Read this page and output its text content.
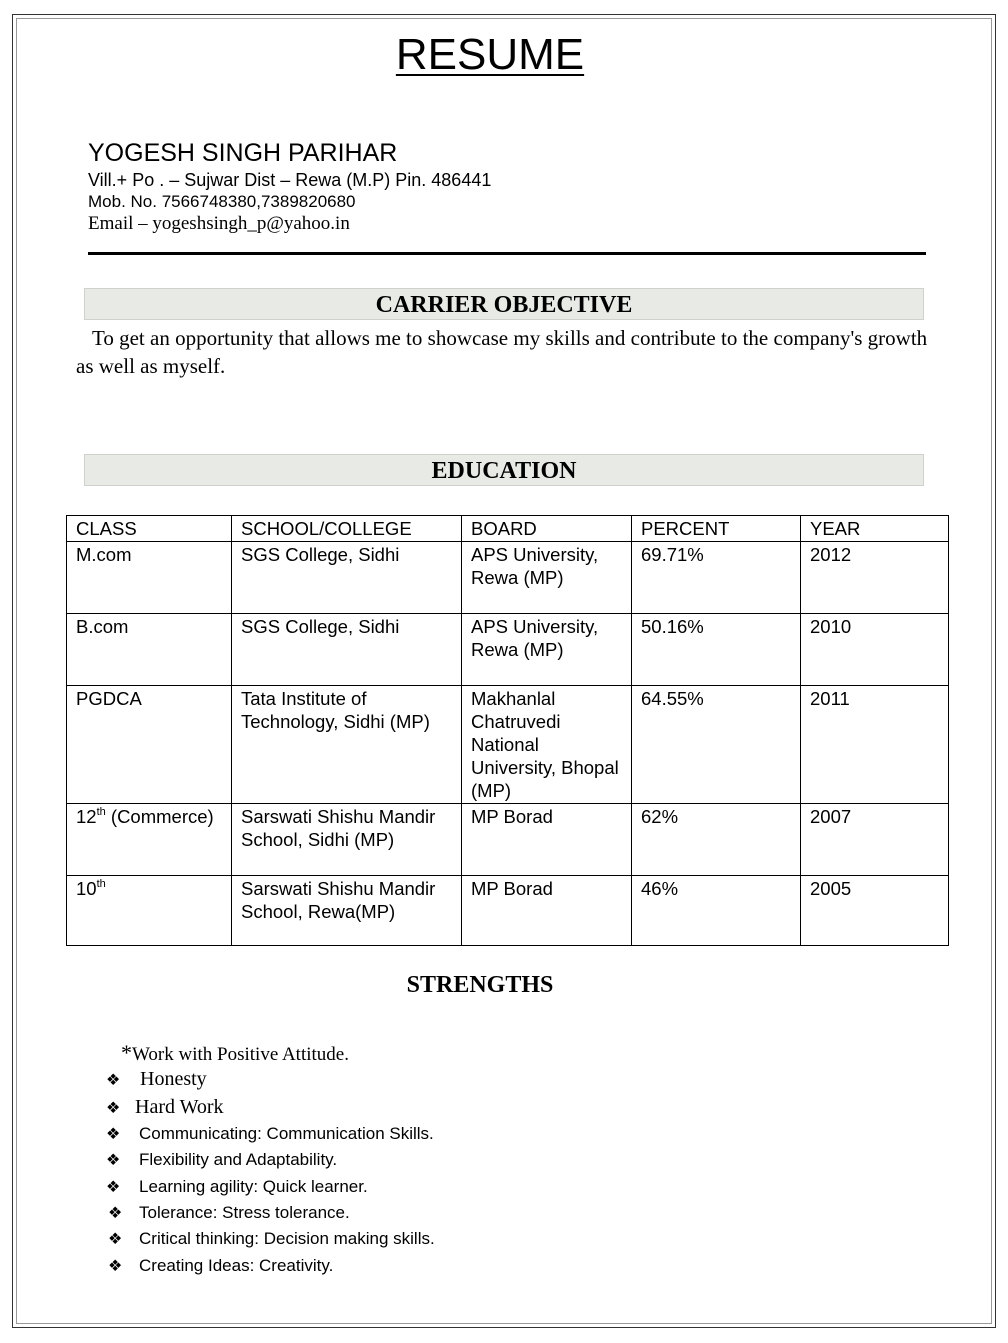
RESUME
YOGESH SINGH PARIHAR
Vill.+ Po . – Sujwar Dist – Rewa (M.P) Pin. 486441
Mob. No. 7566748380,7389820680
Email – yogeshsingh_p@yahoo.in
CARRIER OBJECTIVE
To get an opportunity that allows me to showcase my skills and contribute to the company's growth as well as myself.
EDUCATION
CLASS	SCHOOL/COLLEGE	BOARD	PERCENT	YEAR
M.com	SGS College, Sidhi	APS University, Rewa (MP)	69.71%	2012
B.com	SGS College, Sidhi	APS University, Rewa (MP)	50.16%	2010
PGDCA	Tata Institute of Technology, Sidhi (MP)	Makhanlal Chatruvedi National University, Bhopal (MP)	64.55%	2011
12th (Commerce)	Sarswati Shishu Mandir School, Sidhi (MP)	MP Borad	62%	2007
10th	Sarswati Shishu Mandir School, Rewa(MP)	MP Borad	46%	2005
STRENGTHS
*Work with Positive Attitude.
❖ Honesty
❖ Hard Work
❖ Communicating: Communication Skills.
❖ Flexibility and Adaptability.
❖ Learning agility: Quick learner.
❖ Tolerance: Stress tolerance.
❖ Critical thinking: Decision making skills.
❖ Creating Ideas: Creativity.
